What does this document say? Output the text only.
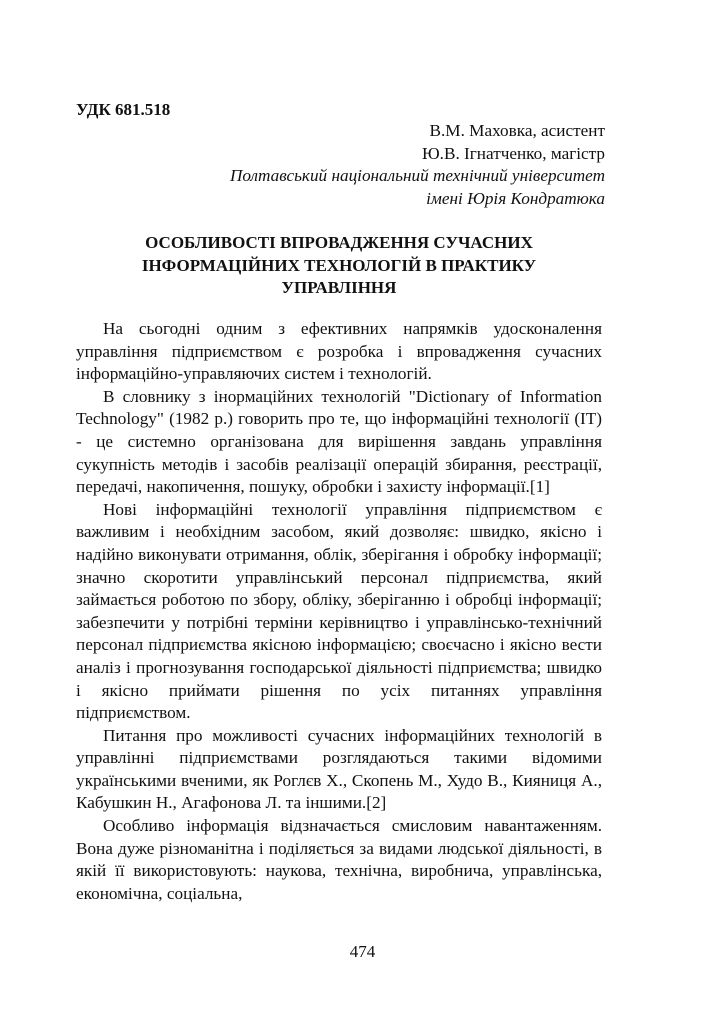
УДК 681.518
В.М. Маховка, асистент
Ю.В. Ігнатченко, магістр
Полтавський національний технічний університет
імені Юрія Кондратюка
ОСОБЛИВОСТІ ВПРОВАДЖЕННЯ СУЧАСНИХ
ІНФОРМАЦІЙНИХ ТЕХНОЛОГІЙ В ПРАКТИКУ
УПРАВЛІННЯ

На сьогодні одним з ефективних напрямків удосконалення управління підприємством є розробка і впровадження сучасних інформаційно-управляючих систем і технологій.

В словнику з інормаційних технологій "Dictionary of Information Technology" (1982 р.) говорить про те, що інформаційні технології (ІТ) - це системно організована для вирішення завдань управління сукупність методів і засобів реалізації операцій збирання, реєстрації, передачі, накопичення, пошуку, обробки і захисту інформації.[1]

Нові інформаційні технології управління підприємством є важливим і необхідним засобом, який дозволяє: швидко, якісно і надійно виконувати отримання, облік, зберігання і обробку інформації; значно скоротити управлінський персонал підприємства, який займається роботою по збору, обліку, зберіганню і обробці інформації; забезпечити у потрібні терміни керівництво і управлінсько-технічний персонал підприємства якісною інформацією; своєчасно і якісно вести аналіз і прогнозування господарської діяльності підприємства; швидко і якісно приймати рішення по усіх питаннях управління підприємством.

Питання про можливості сучасних інформаційних технологій в управлінні підприємствами розглядаються такими відомими українськими вченими, як Роглєв Х., Скопень М., Худо В., Кияниця А., Кабушкин Н., Агафонова Л. та іншими.[2]

Особливо інформація відзначається смисловим навантаженням. Вона дуже різноманітна і поділяється за видами людської діяльності, в якій її використовують: наукова, технічна, виробнича, управлінська, економічна, соціальна,

474
